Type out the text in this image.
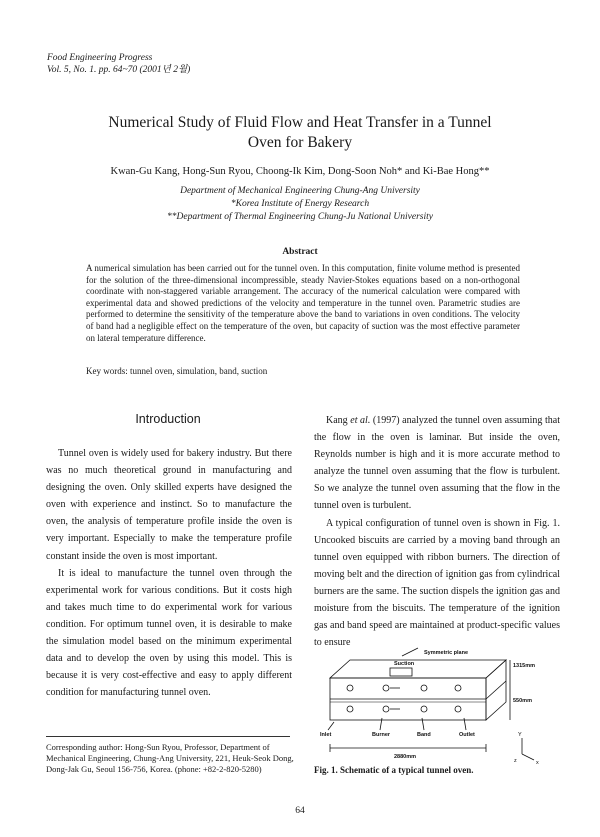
Food Engineering Progress
Vol. 5, No. 1. pp. 64~70 (2001년 2월)
Numerical Study of Fluid Flow and Heat Transfer in a Tunnel
Oven for Bakery
Kwan-Gu Kang, Hong-Sun Ryou, Choong-Ik Kim, Dong-Soon Noh* and Ki-Bae Hong**
Department of Mechanical Engineering Chung-Ang University
*Korea Institute of Energy Research
**Department of Thermal Engineering Chung-Ju National University
Abstract
A numerical simulation has been carried out for the tunnel oven. In this computation, finite volume method is presented for the solution of the three-dimensional incompressible, steady Navier-Stokes equations based on a non-orthogonal coordinate with non-staggered variable arrangement. The accuracy of the numerical calculation were compared with experimental data and showed predictions of the velocity and temperature in the tunnel oven. Parametric studies are performed to determine the sensitivity of the temperature above the band to variations in oven conditions. The velocity of band had a negligible effect on the temperature of the oven, but capacity of suction was the most effective parameter on lateral temperature difference.
Key words: tunnel oven, simulation, band, suction
Introduction

Tunnel oven is widely used for bakery industry. But there was no much theoretical ground in manufacturing and designing the oven. Only skilled experts have designed the oven with experience and instinct. So to manufacture the oven, the analysis of temperature profile inside the oven is very important. Especially to make the temperature profile constant inside the oven is most important.

It is ideal to manufacture the tunnel oven through the experimental work for various conditions. But it costs high and takes much time to do experimental work for various condition. For optimum tunnel oven, it is desirable to make the simulation model based on the minimum experimental data and to develop the oven by using this model. This is because it is very cost-effective and easy to apply different condition for manufacturing tunnel oven.

Kang et al. (1997) analyzed the tunnel oven assuming that the flow in the oven is laminar. But inside the oven, Reynolds number is high and it is more accurate method to analyze the tunnel oven assuming that the flow is turbulent. So we analyze the tunnel oven assuming that the flow in the tunnel oven is turbulent.

A typical configuration of tunnel oven is shown in Fig. 1. Uncooked biscuits are carried by a moving band through an tunnel oven equipped with ribbon burners. The direction of moving belt and the direction of ignition gas from cylindrical burners are the same. The suction dispels the ignition gas and moisture from the biscuits. The temperature of the ignition gas and band speed are maintained at product-specific values to ensure

Corresponding author: Hong-Sun Ryou, Professor, Department of Mechanical Engineering, Chung-Ang University, 221, Heuk-Seok Dong, Dong-Jak Gu, Seoul 156-756, Korea. (phone: +82-2-820-5280)
Symmetric plane
Suction	1315mm
550mm
Inlet	Burner	Band	Outlet
2880mm
Y
z	x
Fig. 1. Schematic of a typical tunnel oven.
64
